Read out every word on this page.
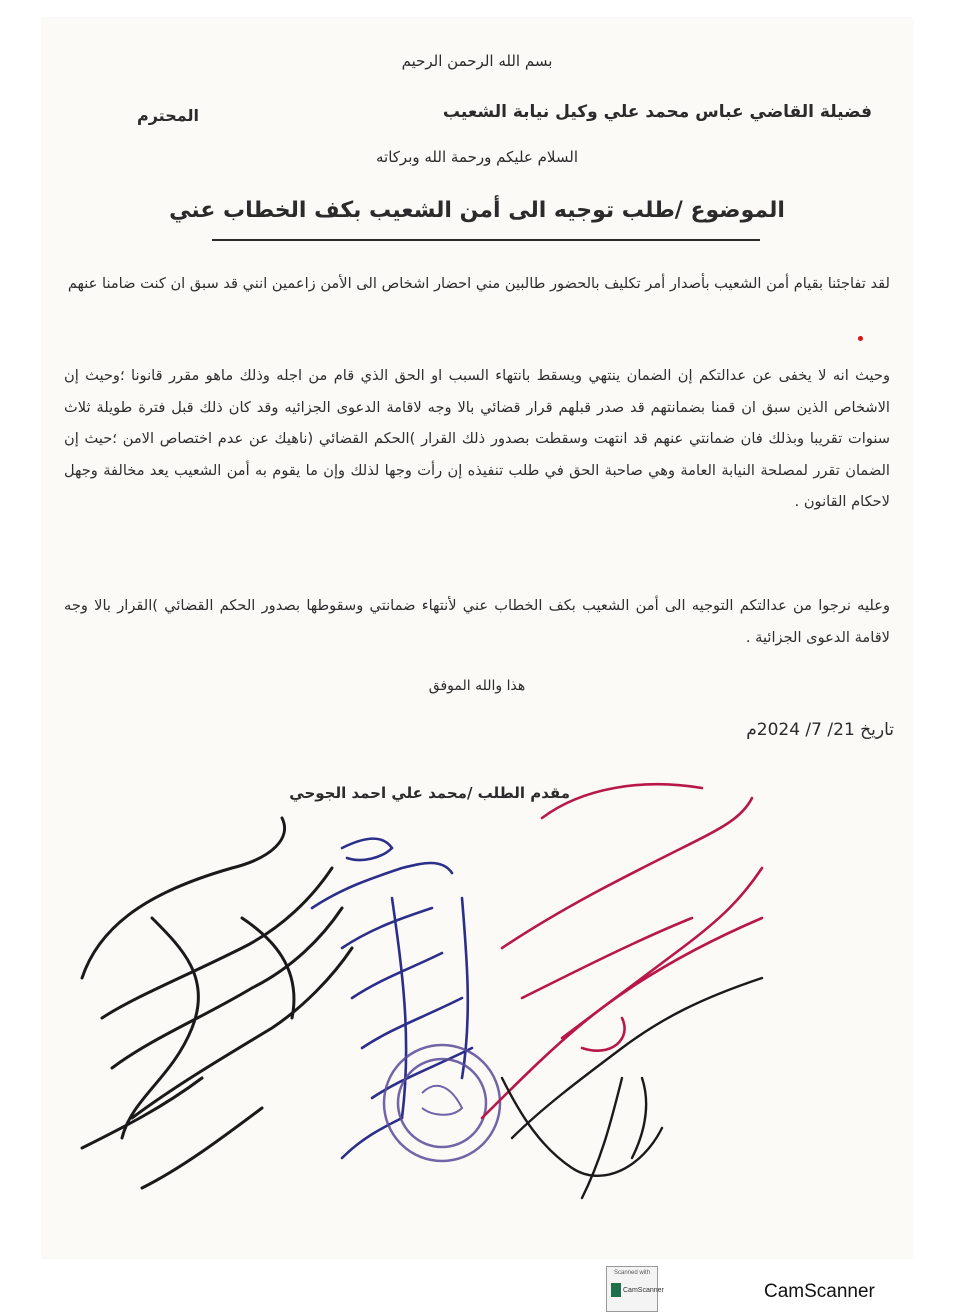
بسم الله الرحمن الرحيم
فضيلة القاضي عباس محمد علي وكيل نيابة الشعيب
المحترم
السلام عليكم ورحمة الله وبركاته
الموضوع /طلب توجيه الى أمن الشعيب بكف الخطاب عني
لقد تفاجئنا بقيام أمن الشعيب بأصدار أمر تكليف بالحضور طالبين مني احضار اشخاص الى الأمن زاعمين انني قد سبق ان كنت ضامنا عنهم
وحيث انه لا يخفى عن عدالتكم إن الضمان ينتهي ويسقط بانتهاء السبب او الحق الذي قام من اجله وذلك ماهو مقرر قانونا ؛وحيث إن الاشخاص الذين سبق ان قمنا بضمانتهم قد صدر قبلهم قرار قضائي بالا وجه لاقامة الدعوى الجزائيه وقد كان ذلك قبل فترة طويلة ثلاث سنوات تقريبا وبذلك فان ضمانتي عنهم قد انتهت وسقطت بصدور ذلك القرار )الحكم القضائي (ناهيك عن عدم اختصاص الامن ؛حيث إن الضمان تقرر لمصلحة النيابة العامة وهي صاحبة الحق في طلب تنفيذه إن رأت وجها لذلك وإن ما يقوم به أمن الشعيب يعد مخالفة وجهل لاحكام القانون .
وعليه نرجوا من عدالتكم التوجيه الى أمن الشعيب بكف الخطاب عني لأنتهاء ضمانتي وسقوطها بصدور الحكم القضائي )القرار بالا وجه لاقامة الدعوى الجزائية .
هذا والله الموفق
تاريخ 21/ 7/ 2024م
مقدم الطلب /محمد علي احمد الجوحي
Scanned with
CamScanner	CamScanner
